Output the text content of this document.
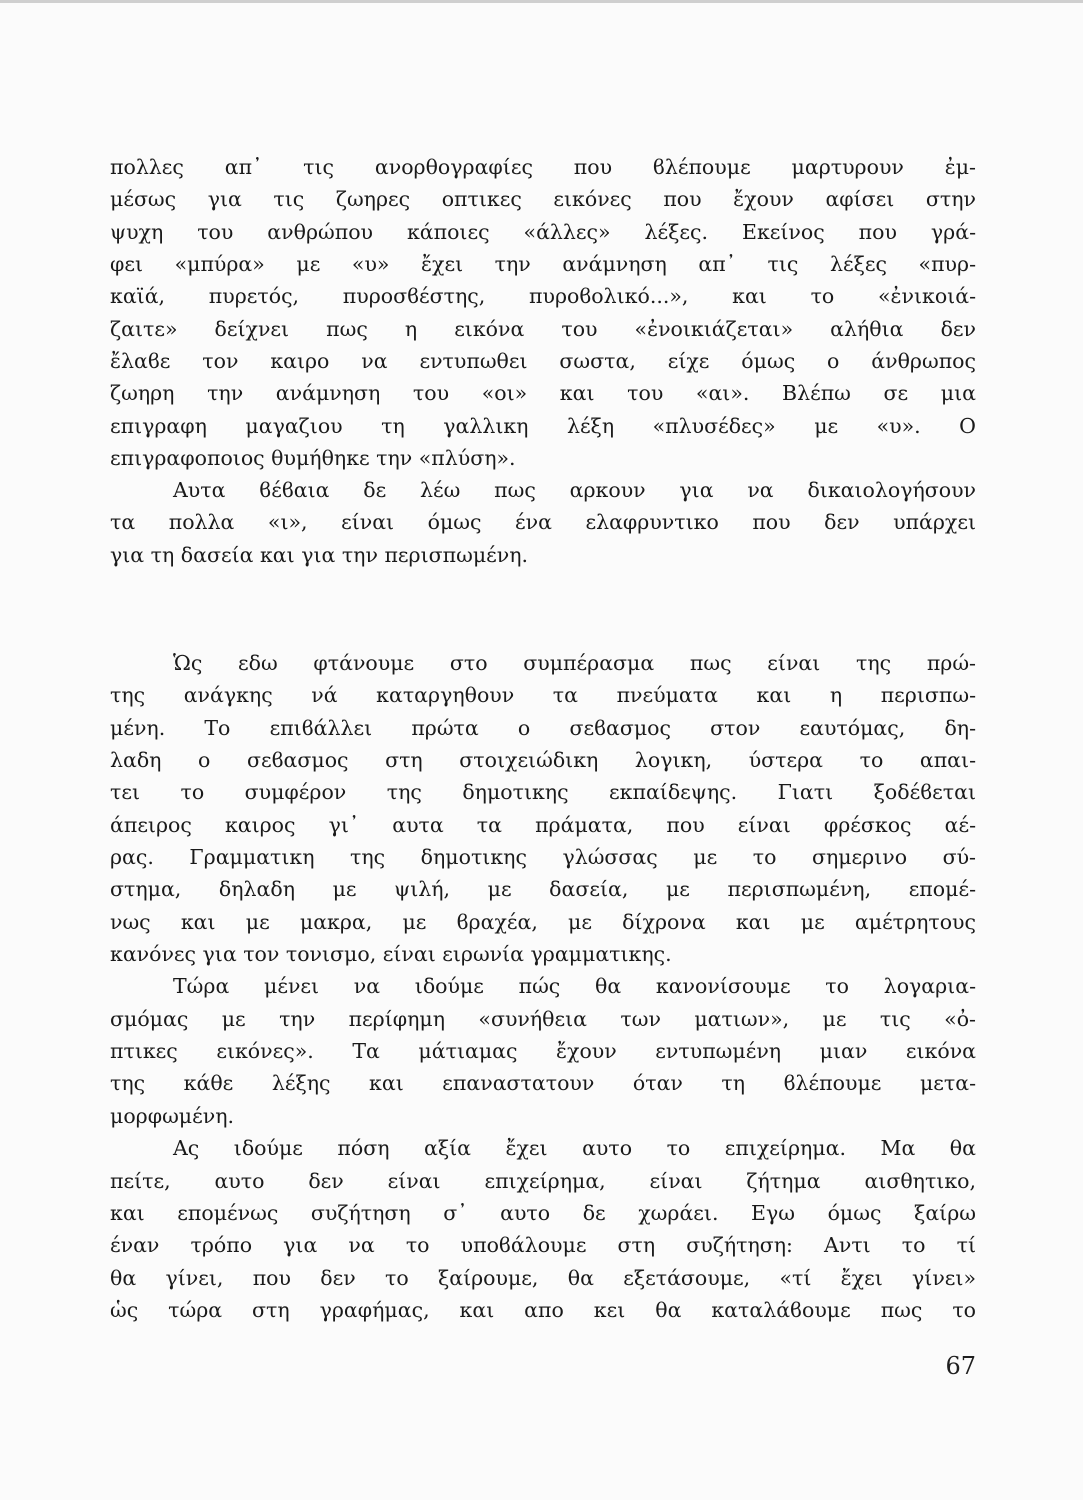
πολλες απ᾽ τις ανορθογραφίες που ϐλέπουμε μαρτυρουν ἐμ-
μέσως για τις ζωηρες οπτικες εικόνες που ἔχουν αφίσει στην
ψυχη του ανθρώπου κάποιες «άλλες» λέξες. Εκείνος που γρά-
φει «μπύρα» με «υ» ἔχει την ανάμνηση απ᾽ τις λέξες «πυρ-
καϊά, πυρετός, πυροσϐέστης, πυροϐολικό...», και το «ἐνικοιά-
ζαιτε» δείχνει πως η εικόνα του «ἐνοικιάζεται» αλήθια δεν
ἔλαϐε τον καιρο να εντυπωθει σωστα, είχε όμως ο άνθρωπος
ζωηρη την ανάμνηση του «οι» και του «αι». Βλέπω σε μια
επιγραφη μαγαζιου τη γαλλικη λέξη «πλυσέδες» με «υ». Ο
επιγραφοποιος θυμήθηκε την «πλύση».
Αυτα ϐέϐαια δε λέω πως αρκουν για να δικαιολογήσουν
τα πολλα «ι», είναι όμως ένα ελαφρυντικο που δεν υπάρχει
για τη δασεία και για την περισπωμένη.
Ὡς εδω φτάνουμε στο συμπέρασμα πως είναι της πρώ-
της ανάγκης νά καταργηθουν τα πνεύματα και η περισπω-
μένη. Το επιϐάλλει πρώτα ο σεϐασμος στον εαυτόμας, δη-
λαδη ο σεϐασμος στη στοιχειώδικη λογικη, ύστερα το απαι-
τει το συμφέρον της δημοτικης εκπαίδεψης. Γιατι ξοδέϐεται
άπειρος καιρος γι᾽ αυτα τα πράματα, που είναι φρέσκος αέ-
ρας. Γραμματικη της δημοτικης γλώσσας με το σημερινο σύ-
στημα, δηλαδη με ψιλή, με δασεία, με περισπωμένη, επομέ-
νως και με μακρα, με ϐραχέα, με δίχρονα και με αμέτρητους
κανόνες για τον τονισμο, είναι ειρωνία γραμματικης.
Τώρα μένει να ιδούμε πώς θα κανονίσουμε το λογαρια-
σμόμας με την περίφημη «συνήθεια των ματιων», με τις «ὀ-
πτικες εικόνες». Τα μάτιαμας ἔχουν εντυπωμένη μιαν εικόνα
της κάθε λέξης και επαναστατουν όταν τη ϐλέπουμε μετα-
μορφωμένη.
Ας ιδούμε πόση αξία ἔχει αυτο το επιχείρημα. Μα θα
πείτε, αυτο δεν είναι επιχείρημα, είναι ζήτημα αισθητικο,
και επομένως συζήτηση σ᾽ αυτο δε χωράει. Εγω όμως ξαίρω
έναν τρόπο για να το υποϐάλουμε στη συζήτηση: Αντι το τί
θα γίνει, που δεν το ξαίρουμε, θα εξετάσουμε, «τί ἔχει γίνει»
ὡς τώρα στη γραφήμας, και απο κει θα καταλάϐουμε πως το
67
